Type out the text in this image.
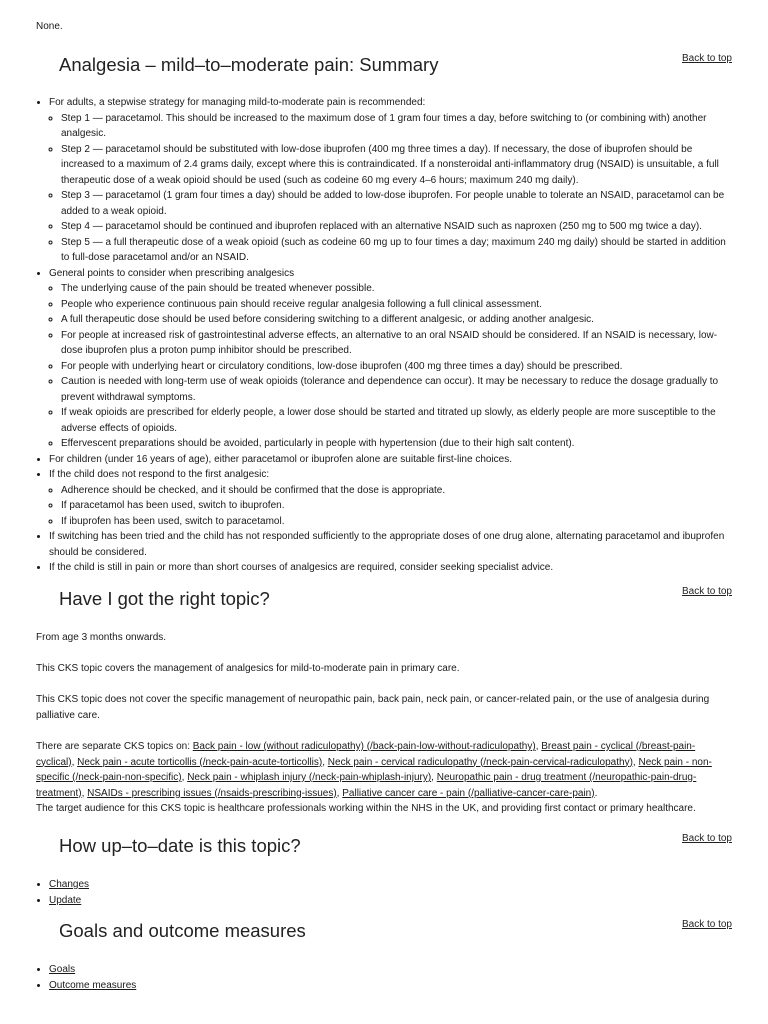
None.
Back to top
Analgesia – mild–to–moderate pain: Summary
• For adults, a stepwise strategy for managing mild-to-moderate pain is recommended:
◦ Step 1 — paracetamol. This should be increased to the maximum dose of 1 gram four times a day, before switching to (or combining with) another analgesic.
◦ Step 2 — paracetamol should be substituted with low-dose ibuprofen (400 mg three times a day). If necessary, the dose of ibuprofen should be increased to a maximum of 2.4 grams daily, except where this is contraindicated. If a nonsteroidal anti-inflammatory drug (NSAID) is unsuitable, a full therapeutic dose of a weak opioid should be used (such as codeine 60 mg every 4–6 hours; maximum 240 mg daily).
◦ Step 3 — paracetamol (1 gram four times a day) should be added to low-dose ibuprofen. For people unable to tolerate an NSAID, paracetamol can be added to a weak opioid.
◦ Step 4 — paracetamol should be continued and ibuprofen replaced with an alternative NSAID such as naproxen (250 mg to 500 mg twice a day).
◦ Step 5 — a full therapeutic dose of a weak opioid (such as codeine 60 mg up to four times a day; maximum 240 mg daily) should be started in addition to full-dose paracetamol and/or an NSAID.
• General points to consider when prescribing analgesics
◦ The underlying cause of the pain should be treated whenever possible.
◦ People who experience continuous pain should receive regular analgesia following a full clinical assessment.
◦ A full therapeutic dose should be used before considering switching to a different analgesic, or adding another analgesic.
◦ For people at increased risk of gastrointestinal adverse effects, an alternative to an oral NSAID should be considered. If an NSAID is necessary, low-dose ibuprofen plus a proton pump inhibitor should be prescribed.
◦ For people with underlying heart or circulatory conditions, low-dose ibuprofen (400 mg three times a day) should be prescribed.
◦ Caution is needed with long-term use of weak opioids (tolerance and dependence can occur). It may be necessary to reduce the dosage gradually to prevent withdrawal symptoms.
◦ If weak opioids are prescribed for elderly people, a lower dose should be started and titrated up slowly, as elderly people are more susceptible to the adverse effects of opioids.
◦ Effervescent preparations should be avoided, particularly in people with hypertension (due to their high salt content).
• For children (under 16 years of age), either paracetamol or ibuprofen alone are suitable first-line choices.
• If the child does not respond to the first analgesic:
◦ Adherence should be checked, and it should be confirmed that the dose is appropriate.
◦ If paracetamol has been used, switch to ibuprofen.
◦ If ibuprofen has been used, switch to paracetamol.
• If switching has been tried and the child has not responded sufficiently to the appropriate doses of one drug alone, alternating paracetamol and ibuprofen should be considered.
• If the child is still in pain or more than short courses of analgesics are required, consider seeking specialist advice.
Back to top
Have I got the right topic?

From age 3 months onwards.

This CKS topic covers the management of analgesics for mild-to-moderate pain in primary care.

This CKS topic does not cover the specific management of neuropathic pain, back pain, neck pain, or cancer-related pain, or the use of analgesia during palliative care.

There are separate CKS topics on: Back pain - low (without radiculopathy) (/back-pain-low-without-radiculopathy), Breast pain - cyclical (/breast-pain-cyclical), Neck pain - acute torticollis (/neck-pain-acute-torticollis), Neck pain - cervical radiculopathy (/neck-pain-cervical-radiculopathy), Neck pain - non-specific (/neck-pain-non-specific), Neck pain - whiplash injury (/neck-pain-whiplash-injury), Neuropathic pain - drug treatment (/neuropathic-pain-drug-treatment), NSAIDs - prescribing issues (/nsaids-prescribing-issues), Palliative cancer care - pain (/palliative-cancer-care-pain).
The target audience for this CKS topic is healthcare professionals working within the NHS in the UK, and providing first contact or primary healthcare.

Back to top
How up–to–date is this topic?
• Changes
• Update
Back to top
Goals and outcome measures
• Goals
• Outcome measures
